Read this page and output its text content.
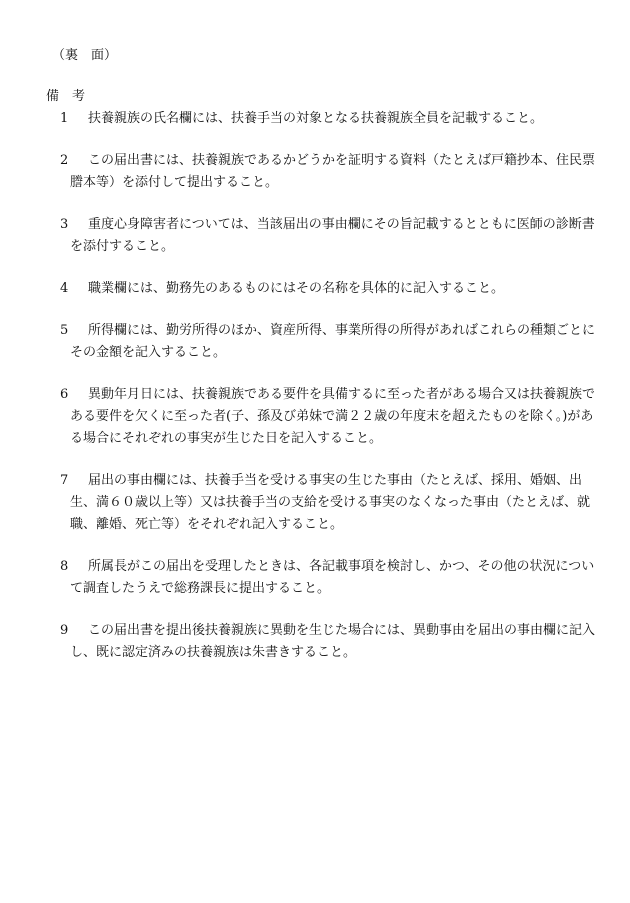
（裏　面）
備　考
1 扶養親族の氏名欄には、扶養手当の対象となる扶養親族全員を記載すること。
2 この届出書には、扶養親族であるかどうかを証明する資料（たとえば戸籍抄本、住民票謄本等）を添付して提出すること。
3 重度心身障害者については、当該届出の事由欄にその旨記載するとともに医師の診断書を添付すること。
4 職業欄には、勤務先のあるものにはその名称を具体的に記入すること。
5 所得欄には、勤労所得のほか、資産所得、事業所得の所得があればこれらの種類ごとにその金額を記入すること。
6 異動年月日には、扶養親族である要件を具備するに至った者がある場合又は扶養親族である要件を欠くに至った者(子、孫及び弟妹で満２２歳の年度末を超えたものを除く。)がある場合にそれぞれの事実が生じた日を記入すること。
7 届出の事由欄には、扶養手当を受ける事実の生じた事由（たとえば、採用、婚姻、出生、満６０歳以上等）又は扶養手当の支給を受ける事実のなくなった事由（たとえば、就職、離婚、死亡等）をそれぞれ記入すること。
8 所属長がこの届出を受理したときは、各記載事項を検討し、かつ、その他の状況について調査したうえで総務課長に提出すること。
9 この届出書を提出後扶養親族に異動を生じた場合には、異動事由を届出の事由欄に記入し、既に認定済みの扶養親族は朱書きすること。
